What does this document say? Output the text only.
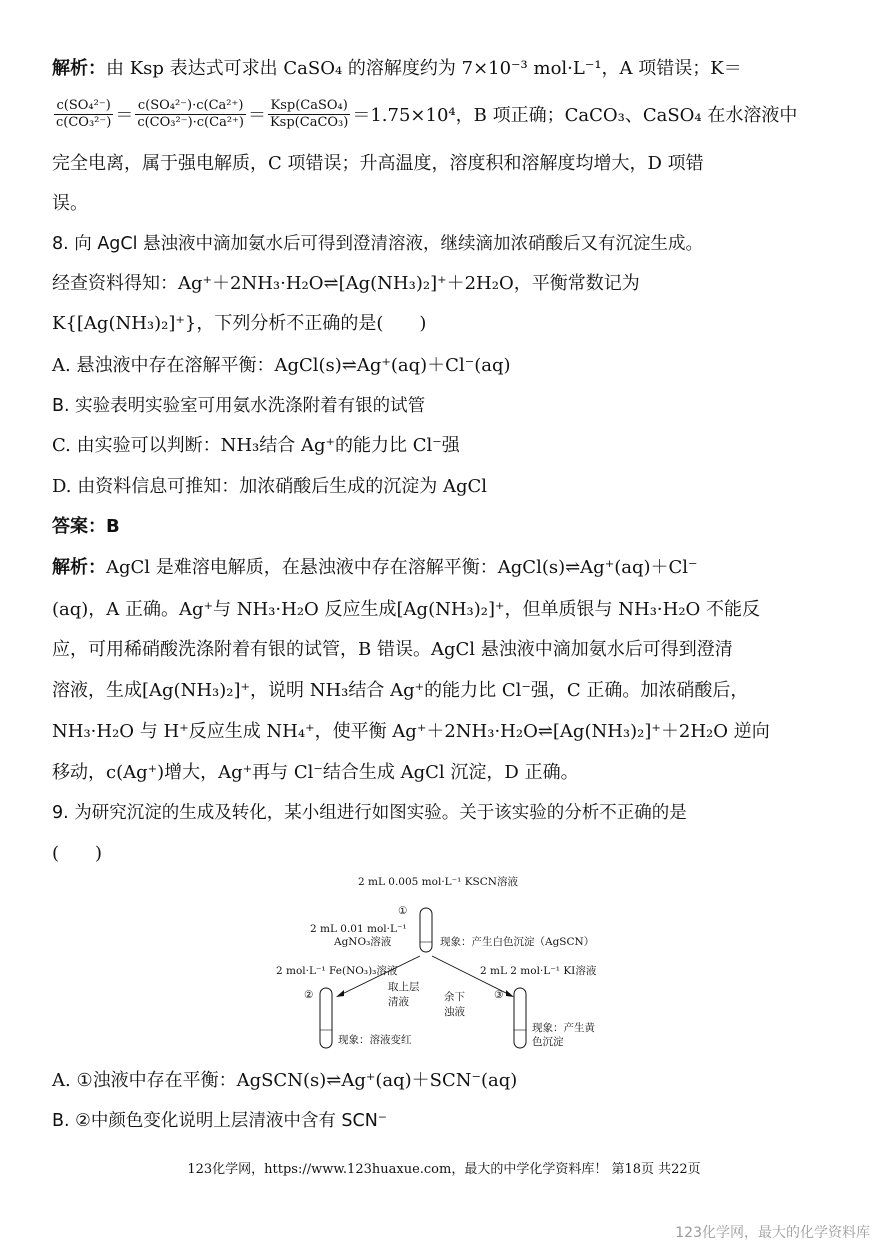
解析：由 Ksp 表达式可求出 CaSO₄ 的溶解度约为 7×10⁻³ mol·L⁻¹，A 项错误；K＝
$\frac{\text{c(SO₄²⁻)}}{\text{c(CO₃²⁻)}} = \frac{\text{c(SO₄²⁻)·c(Ca²⁺)}}{\text{c(CO₃²⁻)·c(Ca²⁺)}} = \frac{\text{Ksp(CaSO₄)}}{\text{Ksp(CaCO₃)}} =1.75\times 10^4$，B 项正确；CaCO₃、CaSO₄ 在水溶液中
完全电离，属于强电解质，C 项错误；升高温度，溶度积和溶解度均增大，D 项错
误。
8. 向 AgCl 悬浊液中滴加氨水后可得到澄清溶液，继续滴加浓硝酸后又有沉淀生成。
经查资料得知：Ag⁺＋2NH₃·H₂O⇌[Ag(NH₃)₂]⁺＋2H₂O，平衡常数记为
K{[Ag(NH₃)₂]⁺}，下列分析不正确的是(　　)
A. 悬浊液中存在溶解平衡：AgCl(s)⇌Ag⁺(aq)＋Cl⁻(aq)
B. 实验表明实验室可用氨水洗涤附着有银的试管
C. 由实验可以判断：NH₃结合 Ag⁺的能力比 Cl⁻强
D. 由资料信息可推知：加浓硝酸后生成的沉淀为 AgCl
答案：B
解析：AgCl 是难溶电解质，在悬浊液中存在溶解平衡：AgCl(s)⇌Ag⁺(aq)＋Cl⁻
(aq)，A 正确。Ag⁺与 NH₃·H₂O 反应生成[Ag(NH₃)₂]⁺，但单质银与 NH₃·H₂O 不能反
应，可用稀硝酸洗涤附着有银的试管，B 错误。AgCl 悬浊液中滴加氨水后可得到澄清
溶液，生成[Ag(NH₃)₂]⁺，说明 NH₃结合 Ag⁺的能力比 Cl⁻强，C 正确。加浓硝酸后，
NH₃·H₂O 与 H⁺反应生成 NH₄⁺，使平衡 Ag⁺＋2NH₃·H₂O⇌[Ag(NH₃)₂]⁺＋2H₂O 逆向
移动，c(Ag⁺)增大，Ag⁺再与 Cl⁻结合生成 AgCl 沉淀，D 正确。
9. 为研究沉淀的生成及转化，某小组进行如图实验。关于该实验的分析不正确的是
(　　)
2 mL 0.005 mol·L⁻¹ KSCN溶液
①
2 mL 0.01 mol·L⁻¹
AgNO₃溶液	现象：产生白色沉淀（AgSCN）
2 mol·L⁻¹ Fe(NO₃)₃溶液	2 mL 2 mol·L⁻¹ KI溶液
取上层
清液	余下
浊液
②	③
现象：溶液变红
现象：产生黄
色沉淀
A. ①浊液中存在平衡：AgSCN(s)⇌Ag⁺(aq)＋SCN⁻(aq)
B. ②中颜色变化说明上层清液中含有 SCN⁻
123化学网，https://www.123huaxue.com，最大的中学化学资料库！ 第18页 共22页
123化学网，最大的化学资料库
